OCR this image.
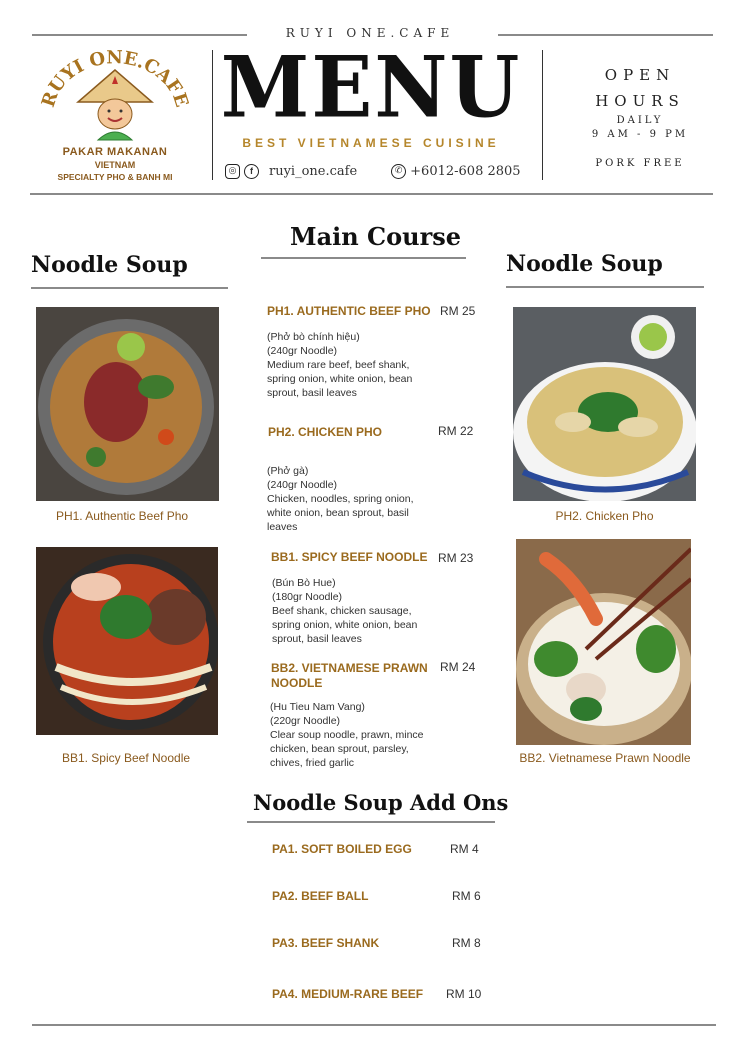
RUYI ONE.CAFE
PAKAR MAKANAN
VIETNAM
SPECIALTY PHO & BANH MI
RUYI ONE.CAFE
MENU
BEST VIETNAMESE CUISINE
◎	f	ruyi_one.cafe	✆ +6012-608 2805
OPEN
HOURS
DAILY
9 AM - 9 PM
PORK FREE
Noodle Soup
Main Course
Noodle Soup
PH1. Authentic Beef Pho	PH2. Chicken Pho
BB1. Spicy Beef Noodle	BB2. Vietnamese Prawn Noodle
PH1. AUTHENTIC BEEF PHO RM 25
(Phở bò chính hiệu)
(240gr Noodle)
Medium rare beef, beef shank,
spring onion, white onion, bean
sprout, basil leaves
PH2. CHICKEN PHO	RM 22
(Phở gà)
(240gr Noodle)
Chicken, noodles, spring onion,
white onion, bean sprout, basil
leaves
BB1. SPICY BEEF NOODLE RM 23
(Bún Bò Hue)
(180gr Noodle)
Beef shank, chicken sausage,
spring onion, white onion, bean
sprout, basil leaves
BB2. VIETNAMESE PRAWN
NOODLE
RM 24
(Hu Tieu Nam Vang)
(220gr Noodle)
Clear soup noodle, prawn, mince
chicken, bean sprout, parsley,
chives, fried garlic
Noodle Soup Add Ons
PA1. SOFT BOILED EGG	RM 4
PA2. BEEF BALL	RM 6
PA3. BEEF SHANK	RM 8
PA4. MEDIUM-RARE BEEF RM 10
